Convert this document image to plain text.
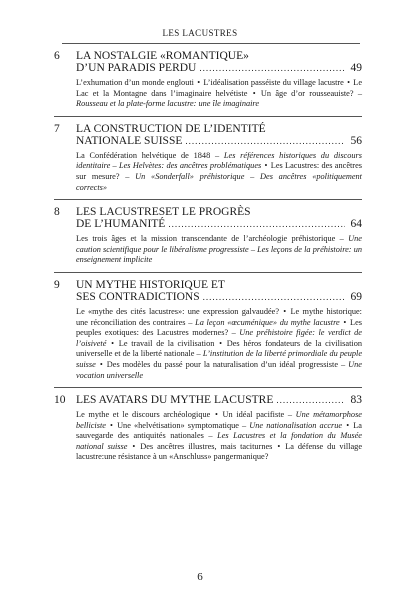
LES LACUSTRES
6	LA NOSTALGIE «ROMANTIQUE»
D’UN PARADIS PERDU .....	49
L’exhumation d’un monde englouti • L’idéalisation passéiste du village lacustre • Le Lac et la Montagne dans l’imaginaire helvétiste • Un âge d’or rousseauiste? – Rousseau et la plate-forme lacustre: une île imaginaire
7	LA CONSTRUCTION DE L’IDENTITÉ
NATIONALE SUISSE .....	56
La Confédération helvétique de 1848 – Les références historiques du discours identitaire – Les Helvètes: des ancêtres problématiques • Les Lacustres: des ancêtres sur mesure? – Un «Sonderfall» préhistorique – Des ancêtres «politiquement corrects»
8	LES LACUSTRESET LE PROGRÈS
DE L’HUMANITÉ .....	64
Les trois âges et la mission transcendante de l’archéologie préhistorique – Une caution scientifique pour le libéralisme progressiste – Les leçons de la préhistoire: un enseignement implicite
9	UN MYTHE HISTORIQUE ET
SES CONTRADICTIONS .....	69
Le «mythe des cités lacustres»: une expression galvaudée? • Le mythe historique: une réconciliation des contraires – La leçon «œcuménique» du mythe lacustre • Les peuples exotiques: des Lacustres modernes? – Une préhistoire figée: le verdict de l’oisiveté • Le travail de la civilisation • Des héros fondateurs de la civilisation universelle et de la liberté nationale – L’institution de la liberté primordiale du peuple suisse • Des modèles du passé pour la naturalisation d’un idéal progressiste – Une vocation universelle
10 LES AVATARS DU MYTHE LACUSTRE .....	83
Le mythe et le discours archéologique • Un idéal pacifiste – Une métamorphose belliciste • Une «helvétisation» symptomatique – Une nationalisation accrue • La sauvegarde des antiquités nationales – Les Lacustres et la fondation du Musée national suisse • Des ancêtres illustres, mais taciturnes • La défense du village lacustre:une résistance à un «Anschluss» pangermanique?
6
